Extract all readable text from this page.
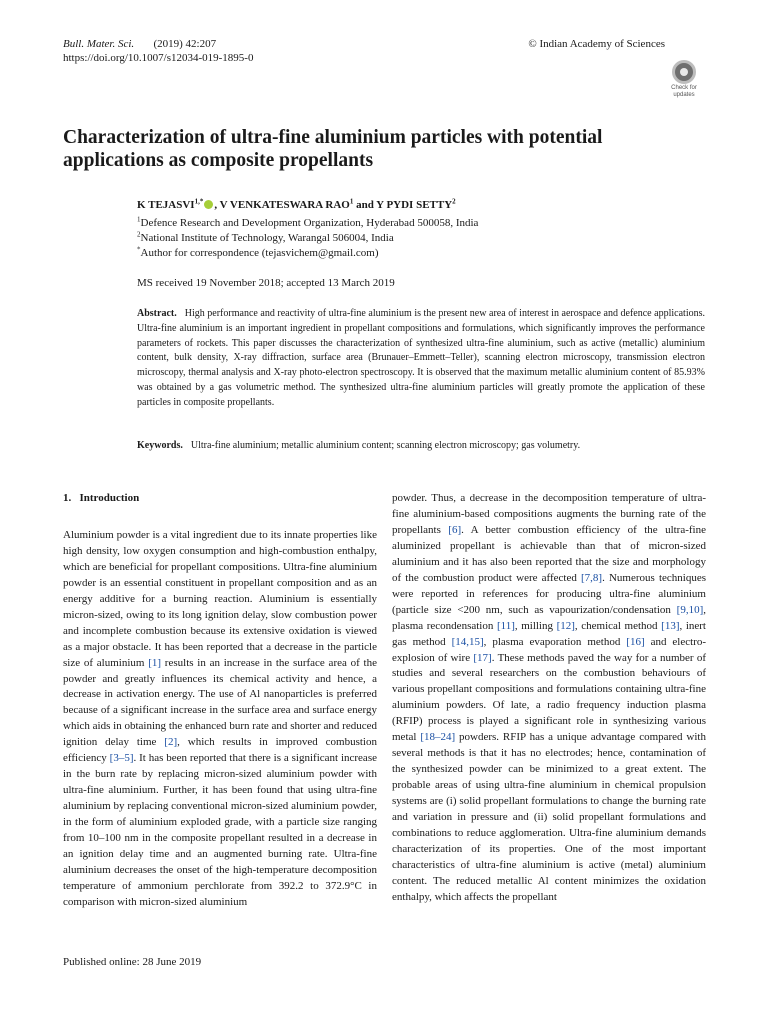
Bull. Mater. Sci. (2019) 42:207
https://doi.org/10.1007/s12034-019-1895-0
© Indian Academy of Sciences
Check for updates
Characterization of ultra-fine aluminium particles with potential applications as composite propellants
K $TEJASVI^{1,*}$ , V VENKATESWARA RAO$^1$ and Y PYDI SETTY$^2$
$^1$Defence Research and Development Organization, Hyderabad 500058, India
$^2$National Institute of Technology, Warangal 506004, India
*Author for correspondence (tejasvichem@gmail.com)
MS received 19 November 2018; accepted 13 March 2019
Abstract. High performance and reactivity of ultra-fine aluminium is the present new area of interest in aerospace and defence applications. Ultra-fine aluminium is an important ingredient in propellant compositions and formulations, which significantly improves the performance parameters of rockets. This paper discusses the characterization of synthesized ultra-fine aluminium, such as active (metallic) aluminium content, bulk density, X-ray diffraction, surface area (Brunauer–Emmett–Teller), scanning electron microscopy, transmission electron microscopy, thermal analysis and X-ray photo-electron spectroscopy. It is observed that the maximum metallic aluminium content of 85.93% was obtained by a gas volumetric method. The synthesized ultra-fine aluminium particles will greatly promote the application of these particles in composite propellants.
Keywords. Ultra-fine aluminium; metallic aluminium content; scanning electron microscopy; gas volumetry.
1.   Introduction

Aluminium powder is a vital ingredient due to its innate properties like high density, low oxygen consumption and high-combustion enthalpy, which are beneficial for propellant compositions. Ultra-fine aluminium powder is an essential constituent in propellant composition and as an energy additive for a burning reaction. Aluminium is essentially micron-sized, owing to its long ignition delay, slow combustion power and incomplete combustion because its extensive oxidation is viewed as a major obstacle. It has been reported that a decrease in the particle size of aluminium [1] results in an increase in the surface area of the powder and greatly influences its chemical activity and hence, a decrease in activation energy. The use of Al nanoparticles is preferred because of a significant increase in the surface area and surface energy which aids in obtaining the enhanced burn rate and shorter and reduced ignition delay time [2], which results in improved combustion efficiency [3–5]. It has been reported that there is a significant increase in the burn rate by replacing micron-sized aluminium powder with ultra-fine aluminium. Further, it has been found that using ultra-fine aluminium by replacing conventional micron-sized aluminium powder, in the form of aluminium exploded grade, with a particle size ranging from 10–100 nm in the composite propellant resulted in a decrease in an ignition delay time and an augmented burning rate. Ultra-fine aluminium decreases the onset of the high-temperature decomposition temperature of ammonium perchlorate from 392.2 to 372.9°C in comparison with micron-sized aluminium

powder. Thus, a decrease in the decomposition temperature of ultra-fine aluminium-based compositions augments the burning rate of the propellants [6]. A better combustion efficiency of the ultra-fine aluminized propellant is achievable than that of micron-sized aluminium and it has also been reported that the size and morphology of the combustion product were affected [7,8]. Numerous techniques were reported in references for producing ultra-fine aluminium (particle size <200 nm, such as vapourization/condensation [9,10], plasma recondensation [11], milling [12], chemical method [13], inert gas method [14,15], plasma evaporation method [16] and electro-explosion of wire [17]. These methods paved the way for a number of studies and several researchers on the combustion behaviours of various propellant compositions and formulations containing ultra-fine aluminium powders. Of late, a radio frequency induction plasma (RFIP) process is played a significant role in synthesizing various metal [18–24] powders. RFIP has a unique advantage compared with several methods is that it has no electrodes; hence, contamination of the synthesized powder can be minimized to a great extent. The probable areas of using ultra-fine aluminium in chemical propulsion systems are (i) solid propellant formulations to change the burning rate and variation in pressure and (ii) solid propellant formulations and combinations to reduce agglomeration. Ultra-fine aluminium demands characterization of its properties. One of the most important characteristics of ultra-fine aluminium is active (metal) aluminium content. The reduced metallic Al content minimizes the oxidation enthalpy, which affects the propellant

Published online: 28 June 2019
